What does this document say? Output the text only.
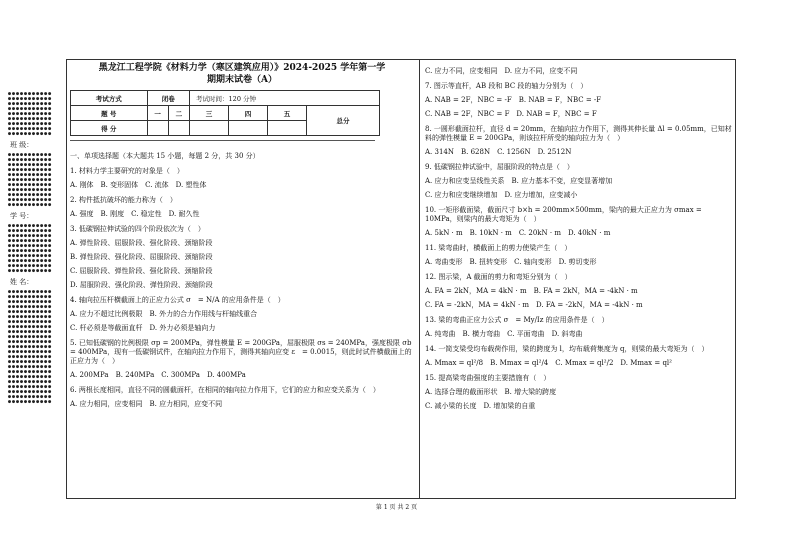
●●●●●●●●●●●
●●●●●●●●●●●
●●●●●●●●●●●
●●●●●●●●●●●
●●●●●●●●●●●
●●●●●●●●●●●
●●●●●●●●●●●
●●●●●●●●●●●
●●●●●●●●●●●
班 级：
●●●●●●●●●●●
●●●●●●●●●●●
●●●●●●●●●●●
●●●●●●●●●●●
●●●●●●●●●●●
●●●●●●●●●●●
●●●●●●●●●●●
●●●●●●●●●●●
●●●●●●●●●●●
●●●●●●●●●●●
●●●●●●●●●●●
学 号：
●●●●●●●●●●●
●●●●●●●●●●●
●●●●●●●●●●●
●●●●●●●●●●●
●●●●●●●●●●●
●●●●●●●●●●●
●●●●●●●●●●●
●●●●●●●●●●●
●●●●●●●●●●●
●●●●●●●●●●●
姓 名：
●●●●●●●●●●●
●●●●●●●●●●●
●●●●●●●●●●●
●●●●●●●●●●●
●●●●●●●●●●●
●●●●●●●●●●●
●●●●●●●●●●●
●●●●●●●●●●●
●●●●●●●●●●●
●●●●●●●●●●●
●●●●●●●●●●●
●●●●●●●●●●●
●●●●●●●●●●●
●●●●●●●●●●●
●●●●●●●●●●●
●●●●●●●●●●●
●●●●●●●●●●●
●●●●●●●●●●●
●●●●●●●●●●●
●●●●●●●●●●●
●●●●●●●●●●●
●●●●●●●●●●●
●●●●●●●●●●●
黑龙江工程学院《材料力学（寒区建筑应用）》2024-2025 学年第一学
期期末试卷（A）
考试方式	闭卷		考试时间：120 分钟			
题 号	一	二	三	四	五	总分
得 分						
一、单项选择题（本大题共 15 小题，每题 2 分，共 30 分）
1. 材料力学主要研究的对象是（　）
A. 刚体　B. 变形固体　C. 流体　D. 塑性体
2. 构件抵抗破坏的能力称为（　）
A. 强度　B. 刚度　C. 稳定性　D. 耐久性
3. 低碳钢拉伸试验的四个阶段依次为（　）
A. 弹性阶段、屈服阶段、强化阶段、颈缩阶段
B. 弹性阶段、强化阶段、屈服阶段、颈缩阶段
C. 屈服阶段、弹性阶段、强化阶段、颈缩阶段
D. 屈服阶段、强化阶段、弹性阶段、颈缩阶段
4. 轴向拉压杆横截面上的正应力公式 σ　= N/A 的应用条件是（　）
A. 应力不超过比例极限　B. 外力的合力作用线与杆轴线重合
C. 杆必须是等截面直杆　D. 外力必须是轴向力
5. 已知低碳钢的比例极限 σp = 200MPa，弹性模量 E = 200GPa，屈服极限 σs = 240MPa，强度极限 σb = 400MPa，现有一低碳钢试件，在轴向拉力作用下，测得其轴向应变 ε　= 0.0015，则此时试件横截面上的正应力为（　）
A. 200MPa　B. 240MPa　C. 300MPa　D. 400MPa
6. 两根长度相同，直径不同的圆截面杆，在相同的轴向拉力作用下，它们的应力和应变关系为（　）
A. 应力相同，应变相同　B. 应力相同，应变不同
C. 应力不同，应变相同　D. 应力不同，应变不同
7. 图示等直杆，AB 段和 BC 段的轴力分别为（　）
A. NAB = 2F，NBC = -F　B. NAB = F，NBC = -F
C. NAB = 2F，NBC = F　D. NAB = F，NBC = F
8. 一圆形截面拉杆，直径 d = 20mm，在轴向拉力作用下，测得其伸长量 Δl = 0.05mm，已知材料的弹性模量 E = 200GPa，则该拉杆所受的轴向拉力为（　）
A. 314N　B. 628N　C. 1256N　D. 2512N
9. 低碳钢拉伸试验中，屈服阶段的特点是（　）
A. 应力和应变呈线性关系　B. 应力基本不变，应变显著增加
C. 应力和应变继续增加　D. 应力增加，应变减小
10. 一矩形截面梁，截面尺寸 b×h = 200mm×500mm，梁内的最大正应力为 σmax = 10MPa，则梁内的最大弯矩为（　）
A. 5kN · m　B. 10kN · m　C. 20kN · m　D. 40kN · m
11. 梁弯曲时，横截面上的剪力使梁产生（　）
A. 弯曲变形　B. 扭转变形　C. 轴向变形　D. 剪切变形
12. 图示梁，A 截面的剪力和弯矩分别为（　）
A. FA = 2kN，MA = 4kN · m　B. FA = 2kN，MA = -4kN · m
C. FA = -2kN，MA = 4kN · m　D. FA = -2kN，MA = -4kN · m
13. 梁的弯曲正应力公式 σ　= My/Iz 的应用条件是（　）
A. 纯弯曲　B. 横力弯曲　C. 平面弯曲　D. 斜弯曲
14. 一简支梁受均布载荷作用，梁的跨度为 l，均布载荷集度为 q，则梁的最大弯矩为（　）
A. Mmax = ql²/8　B. Mmax = ql²/4　C. Mmax = ql²/2　D. Mmax = ql²
15. 提高梁弯曲强度的主要措施有（　）
A. 选择合理的截面形状　B. 增大梁的跨度
C. 减小梁的长度　D. 增加梁的自重
第 1 页 共 2 页
